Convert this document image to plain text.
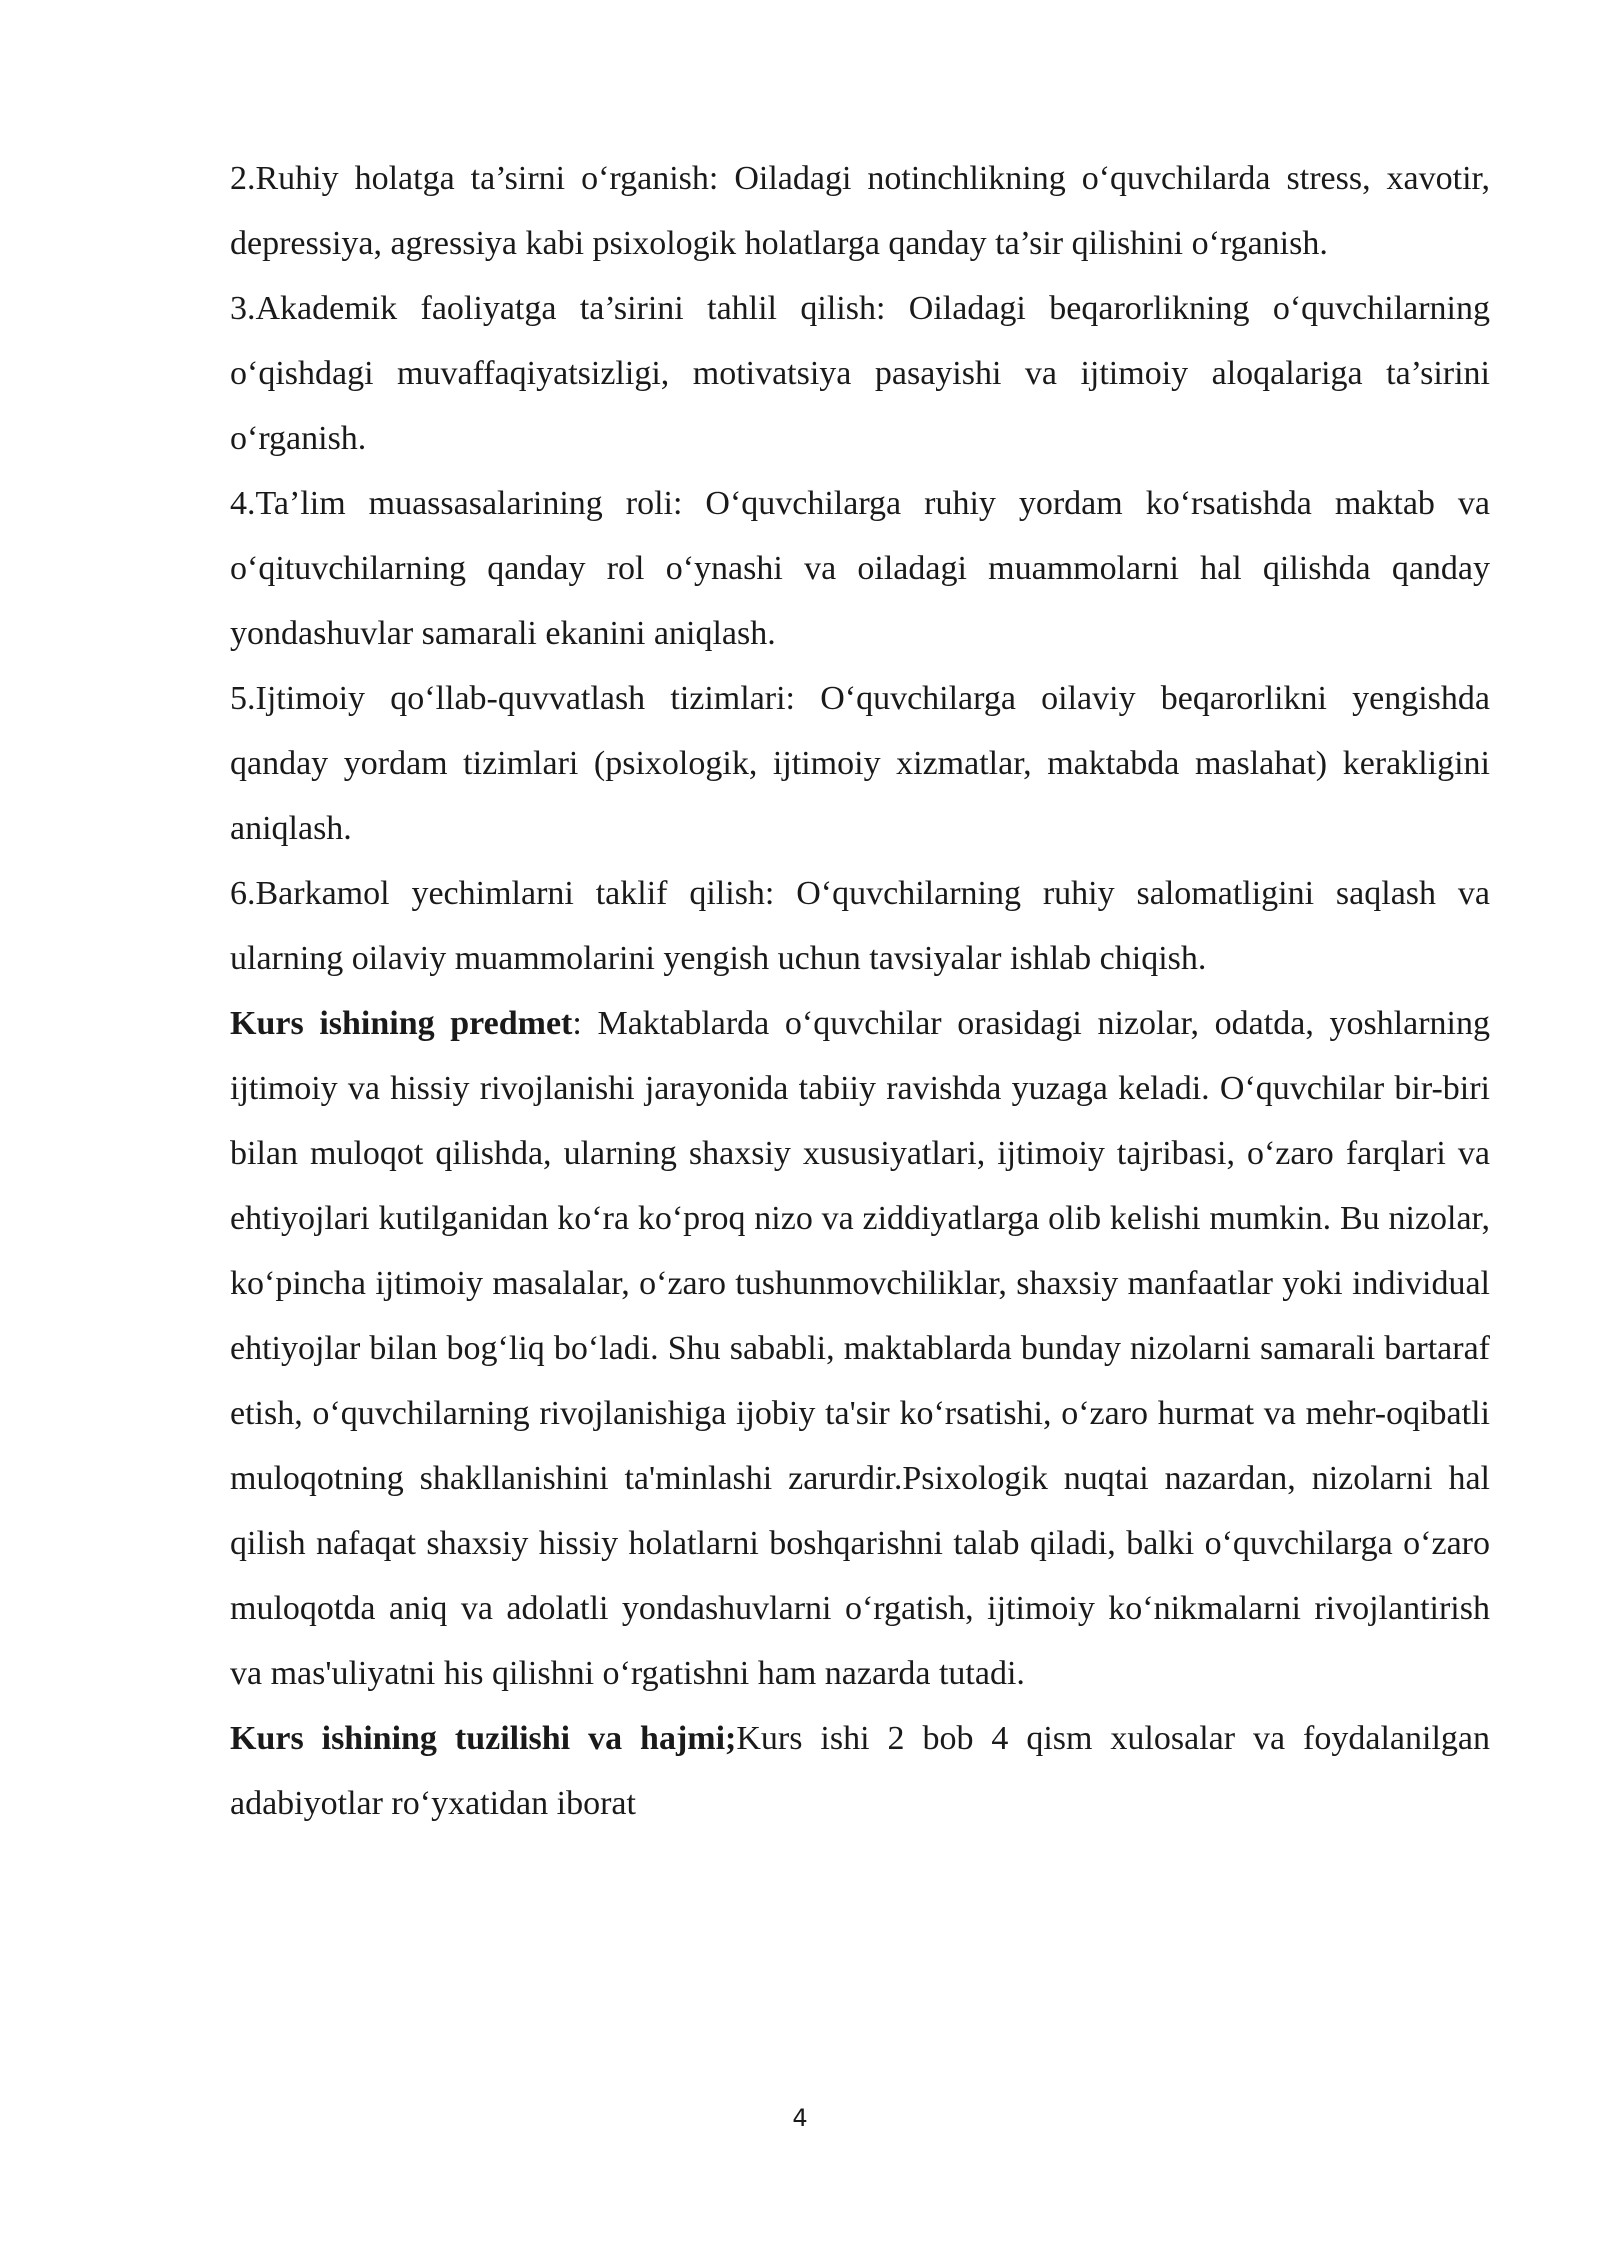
2.Ruhiy holatga ta’sirni o‘rganish: Oiladagi notinchlikning o‘quvchilarda stress, xavotir, depressiya, agressiya kabi psixologik holatlarga qanday ta’sir qilishini o‘rganish.

3.Akademik faoliyatga ta’sirini tahlil qilish: Oiladagi beqarorlikning o‘quvchilarning o‘qishdagi muvaffaqiyatsizligi, motivatsiya pasayishi va ijtimoiy aloqalariga ta’sirini o‘rganish.

4.Ta’lim muassasalarining roli: O‘quvchilarga ruhiy yordam ko‘rsatishda maktab va o‘qituvchilarning qanday rol o‘ynashi va oiladagi muammolarni hal qilishda qanday yondashuvlar samarali ekanini aniqlash.

5.Ijtimoiy qo‘llab-quvvatlash tizimlari: O‘quvchilarga oilaviy beqarorlikni yengishda qanday yordam tizimlari (psixologik, ijtimoiy xizmatlar, maktabda maslahat) kerakligini aniqlash.

6.Barkamol yechimlarni taklif qilish: O‘quvchilarning ruhiy salomatligini saqlash va ularning oilaviy muammolarini yengish uchun tavsiyalar ishlab chiqish.

Kurs ishining predmet: Maktablarda o‘quvchilar orasidagi nizolar, odatda, yoshlarning ijtimoiy va hissiy rivojlanishi jarayonida tabiiy ravishda yuzaga keladi. O‘quvchilar bir-biri bilan muloqot qilishda, ularning shaxsiy xususiyatlari, ijtimoiy tajribasi, o‘zaro farqlari va ehtiyojlari kutilganidan ko‘ra ko‘proq nizo va ziddiyatlarga olib kelishi mumkin. Bu nizolar, ko‘pincha ijtimoiy masalalar, o‘zaro tushunmovchiliklar, shaxsiy manfaatlar yoki individual ehtiyojlar bilan bog‘liq bo‘ladi. Shu sababli, maktablarda bunday nizolarni samarali bartaraf etish, o‘quvchilarning rivojlanishiga ijobiy ta'sir ko‘rsatishi, o‘zaro hurmat va mehr-oqibatli muloqotning shakllanishini ta'minlashi zarurdir.Psixologik nuqtai nazardan, nizolarni hal qilish nafaqat shaxsiy hissiy holatlarni boshqarishni talab qiladi, balki o‘quvchilarga o‘zaro muloqotda aniq va adolatli yondashuvlarni o‘rgatish, ijtimoiy ko‘nikmalarni rivojlantirish va mas'uliyatni his qilishni o‘rgatishni ham nazarda tutadi.

Kurs ishining tuzilishi va hajmi;Kurs ishi 2 bob 4 qism xulosalar va foydalanilgan adabiyotlar ro‘yxatidan iborat

4
